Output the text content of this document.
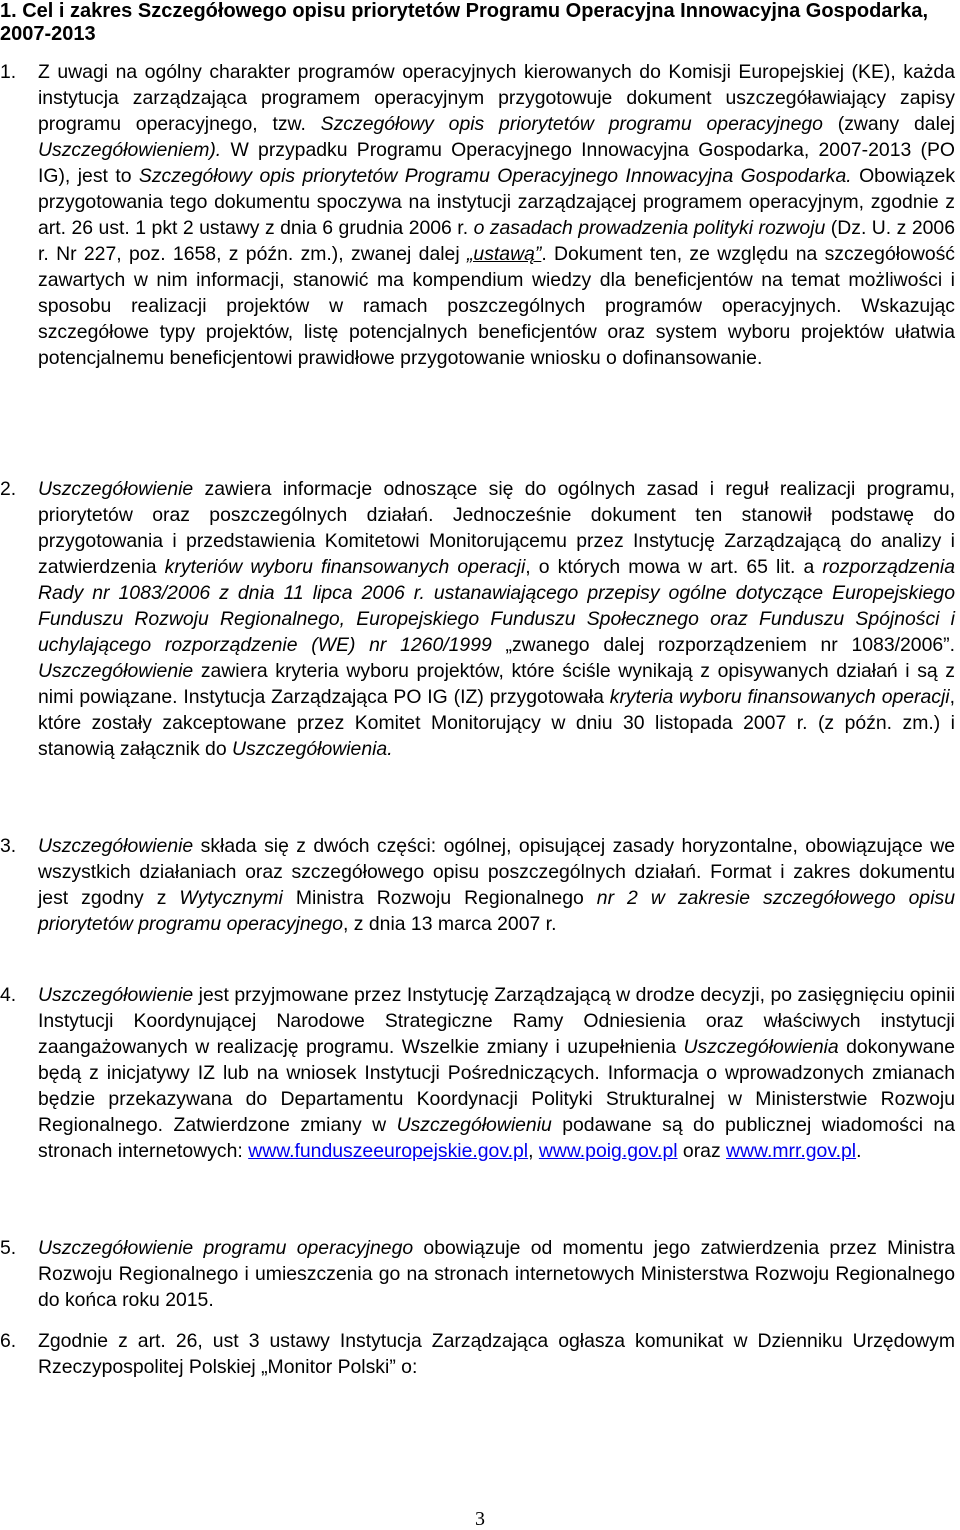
1. Cel i zakres Szczegółowego opisu priorytetów Programu Operacyjna Innowacyjna Gospodarka, 2007-2013
1. Z uwagi na ogólny charakter programów operacyjnych kierowanych do Komisji Europejskiej (KE), każda instytucja zarządzająca programem operacyjnym przygotowuje dokument uszczegóławiający zapisy programu operacyjnego, tzw. Szczegółowy opis priorytetów programu operacyjnego (zwany dalej Uszczegółowieniem). W przypadku Programu Operacyjnego Innowacyjna Gospodarka, 2007-2013 (PO IG), jest to Szczegółowy opis priorytetów Programu Operacyjnego Innowacyjna Gospodarka. Obowiązek przygotowania tego dokumentu spoczywa na instytucji zarządzającej programem operacyjnym, zgodnie z art. 26 ust. 1 pkt 2 ustawy z dnia 6 grudnia 2006 r. o zasadach prowadzenia polityki rozwoju (Dz. U. z 2006 r. Nr 227, poz. 1658, z późn. zm.), zwanej dalej „ustawą”. Dokument ten, ze względu na szczegółowość zawartych w nim informacji, stanowić ma kompendium wiedzy dla beneficjentów na temat możliwości i sposobu realizacji projektów w ramach poszczególnych programów operacyjnych. Wskazując szczegółowe typy projektów, listę potencjalnych beneficjentów oraz system wyboru projektów ułatwia potencjalnemu beneficjentowi prawidłowe przygotowanie wniosku o dofinansowanie.
2. Uszczegółowienie zawiera informacje odnoszące się do ogólnych zasad i reguł realizacji programu, priorytetów oraz poszczególnych działań. Jednocześnie dokument ten stanowił podstawę do przygotowania i przedstawienia Komitetowi Monitorującemu przez Instytucję Zarządzającą do analizy i zatwierdzenia kryteriów wyboru finansowanych operacji, o których mowa w art. 65 lit. a rozporządzenia Rady nr 1083/2006 z dnia 11 lipca 2006 r. ustanawiającego przepisy ogólne dotyczące Europejskiego Funduszu Rozwoju Regionalnego, Europejskiego Funduszu Społecznego oraz Funduszu Spójności i uchylającego rozporządzenie (WE) nr 1260/1999 „zwanego dalej rozporządzeniem nr 1083/2006”. Uszczegółowienie zawiera kryteria wyboru projektów, które ściśle wynikają z opisywanych działań i są z nimi powiązane. Instytucja Zarządzająca PO IG (IZ) przygotowała kryteria wyboru finansowanych operacji, które zostały zakceptowane przez Komitet Monitorujący w dniu 30 listopada 2007 r. (z późn. zm.) i stanowią załącznik do Uszczegółowienia.
3. Uszczegółowienie składa się z dwóch części: ogólnej, opisującej zasady horyzontalne, obowiązujące we wszystkich działaniach oraz szczegółowego opisu poszczególnych działań. Format i zakres dokumentu jest zgodny z Wytycznymi Ministra Rozwoju Regionalnego nr 2 w zakresie szczegółowego opisu priorytetów programu operacyjnego, z dnia 13 marca 2007 r.
4. Uszczegółowienie jest przyjmowane przez Instytucję Zarządzającą w drodze decyzji, po zasięgnięciu opinii Instytucji Koordynującej Narodowe Strategiczne Ramy Odniesienia oraz właściwych instytucji zaangażowanych w realizację programu. Wszelkie zmiany i uzupełnienia Uszczegółowienia dokonywane będą z inicjatywy IZ lub na wniosek Instytucji Pośredniczących. Informacja o wprowadzonych zmianach będzie przekazywana do Departamentu Koordynacji Polityki Strukturalnej w Ministerstwie Rozwoju Regionalnego. Zatwierdzone zmiany w Uszczegółowieniu podawane są do publicznej wiadomości na stronach internetowych: www.funduszeeuropejskie.gov.pl, www.poig.gov.pl oraz www.mrr.gov.pl.
5. Uszczegółowienie programu operacyjnego obowiązuje od momentu jego zatwierdzenia przez Ministra Rozwoju Regionalnego i umieszczenia go na stronach internetowych Ministerstwa Rozwoju Regionalnego do końca roku 2015.
6. Zgodnie z art. 26, ust 3 ustawy Instytucja Zarządzająca ogłasza komunikat w Dzienniku Urzędowym Rzeczypospolitej Polskiej „Monitor Polski” o:
3
